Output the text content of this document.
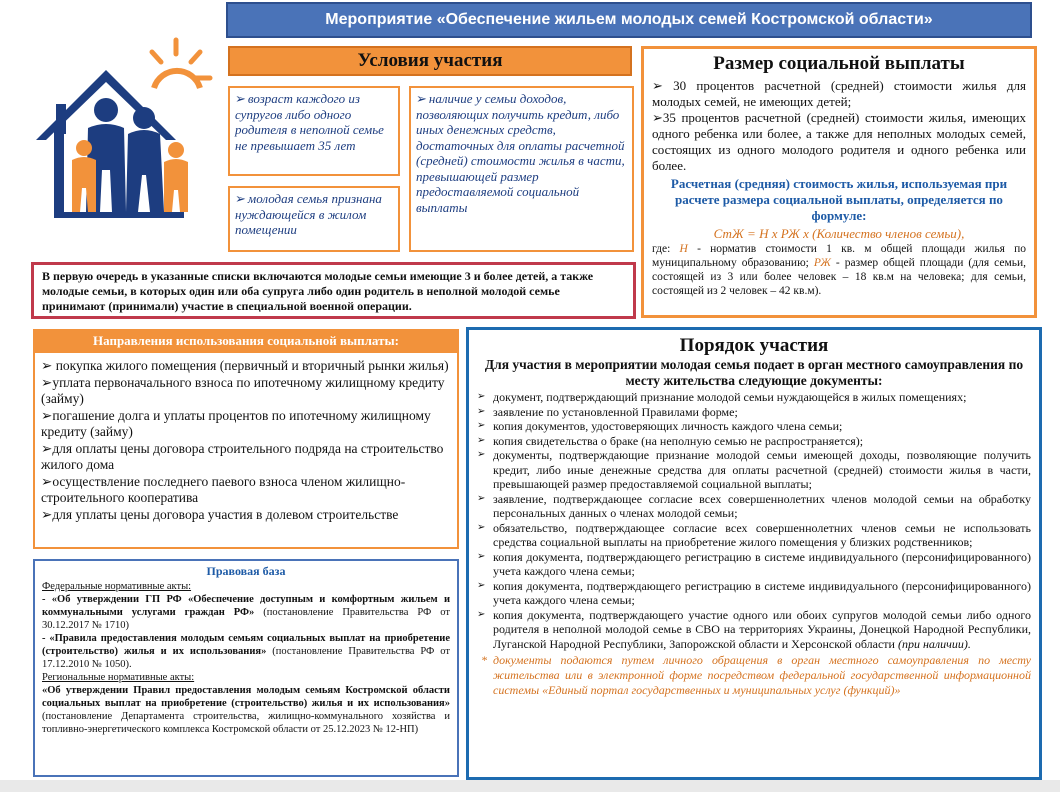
Мероприятие «Обеспечение жильем молодых семей Костромской области»
Условия участия
➢ возраст каждого из супругов либо одного родителя в неполной семье не превышает 35 лет
➢ молодая семья признана нуждающейся в жилом помещении
➢ наличие у семьи доходов, позволяющих получить кредит, либо иных денежных средств, достаточных для оплаты расчетной (средней) стоимости жилья в части, превышающей размер предоставляемой социальной выплаты
Размер социальной выплаты

➢ 30 процентов расчетной (средней) стоимости жилья для молодых семей, не имеющих детей;

➢35 процентов расчетной (средней) стоимости жилья, имеющих одного ребенка или более, а также для неполных молодых семей, состоящих из одного молодого родителя и одного ребенка или более.

Расчетная (средняя) стоимость жилья, используемая при расчете размера социальной выплаты, определяется по формуле:
СтЖ = Н х РЖ х (Количество членов семьи),

где: Н - норматив стоимости 1 кв. м общей площади жилья по муниципальному образованию; РЖ - размер общей площади (для семьи, состоящей из 3 или более человек – 18 кв.м на человека; для семьи, состоящей из 2 человек – 42 кв.м).

В первую очередь в указанные списки включаются молодые семьи имеющие 3 и более детей, а также молодые семьи, в которых один или оба супруга либо один родитель в неполной молодой семье принимают (принимали) участие в специальной военной операции.
Направления использования социальной выплаты:
➢ покупка жилого помещения (первичный и вторичный рынки жилья)
➢уплата первоначального взноса по ипотечному жилищному кредиту (займу)
➢погашение долга и уплаты процентов по ипотечному жилищному кредиту (займу)
➢для оплаты цены договора строительного подряда на строительство жилого дома
➢осуществление последнего паевого взноса членом жилищно-строительного кооператива
➢для уплаты цены договора участия в долевом строительстве
Правовая база

Федеральные нормативные акты:

- «Об утверждении ГП РФ «Обеспечение доступным и комфортным жильем и коммунальными услугами граждан РФ» (постановление Правительства РФ от 30.12.2017 № 1710)

- «Правила предоставления молодым семьям социальных выплат на приобретение (строительство) жилья и их использования» (постановление Правительства РФ от 17.12.2010 № 1050).

Региональные нормативные акты:

«Об утверждении Правил предоставления молодым семьям Костромской области социальных выплат на приобретение (строительство) жилья и их использования» (постановление Департамента строительства, жилищно-коммунального хозяйства и топливно-энергетического комплекса Костромской области от 25.12.2023 № 12-НП)

Порядок участия
Для участия в мероприятии молодая семья подает в орган местного самоуправления по месту жительства следующие документы:
➢ документ, подтверждающий признание молодой семьи нуждающейся в жилых помещениях;
➢ заявление по установленной Правилами форме;
➢ копия документов, удостоверяющих личность каждого члена семьи;
➢ копия свидетельства о браке (на неполную семью не распространяется);
➢ документы, подтверждающие признание молодой семьи имеющей доходы, позволяющие получить кредит, либо иные денежные средства для оплаты расчетной (средней) стоимости жилья в части, превышающей размер предоставляемой социальной выплаты;
➢ заявление, подтверждающее согласие всех совершеннолетних членов молодой семьи на обработку персональных данных о членах молодой семьи;
➢ обязательство, подтверждающее согласие всех совершеннолетних членов семьи не использовать средства социальной выплаты на приобретение жилого помещения у близких родственников;
➢ копия документа, подтверждающего регистрацию в системе индивидуального (персонифицированного) учета каждого члена семьи;
➢ копия документа, подтверждающего регистрацию в системе индивидуального (персонифицированного) учета каждого члена семьи;
➢ копия документа, подтверждающего участие одного или обоих супругов молодой семьи либо одного родителя в неполной молодой семье в СВО на территориях Украины, Донецкой Народной Республики, Луганской Народной Республики, Запорожской области и Херсонской области (при наличии).
* документы подаются путем личного обращения в орган местного самоуправления по месту жительства или в электронной форме посредством федеральной государственной информационной системы «Единый портал государственных и муниципальных услуг (функций)»
